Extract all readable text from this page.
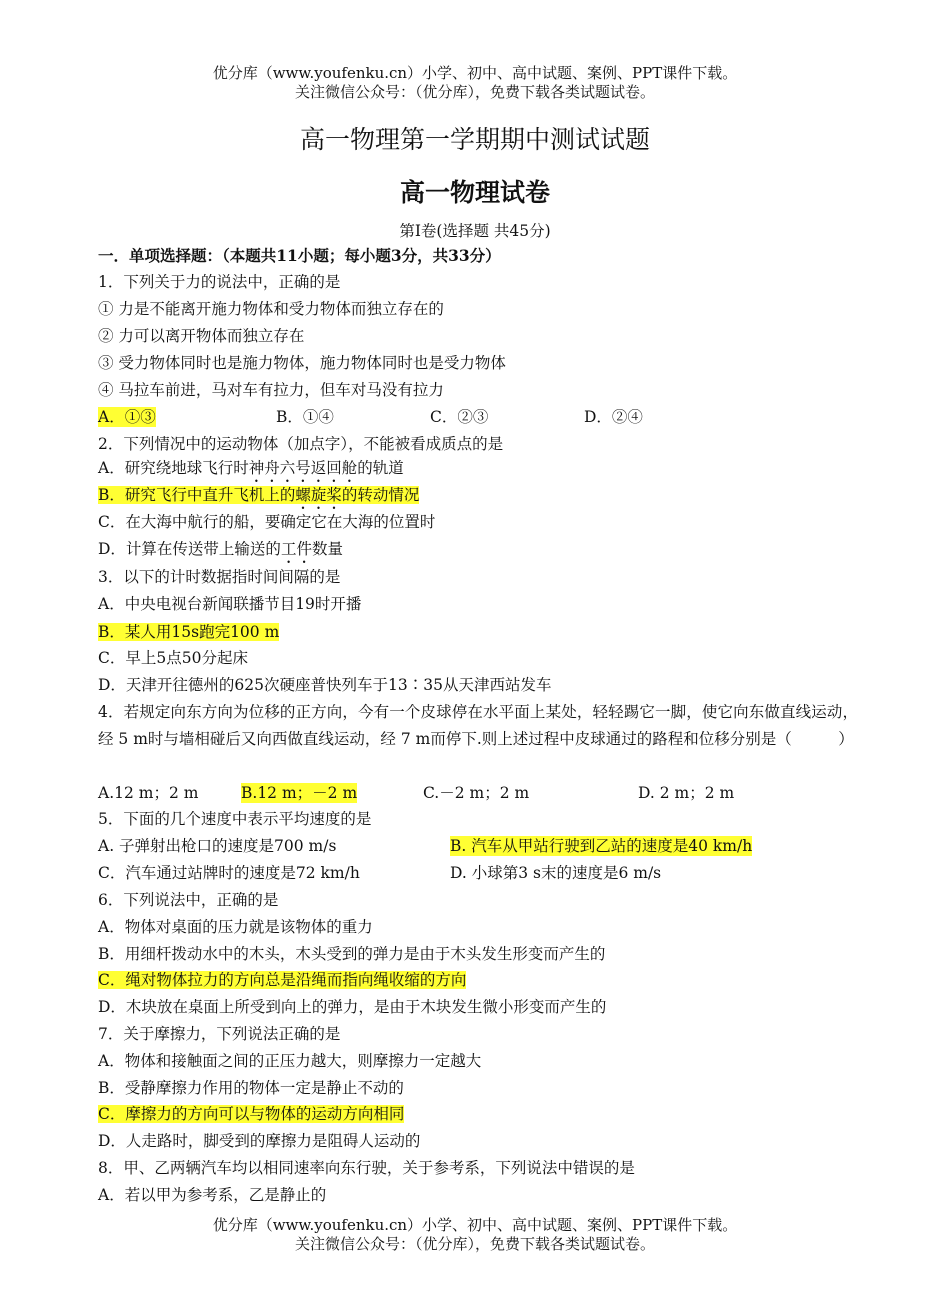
优分库（www.youfenku.cn）小学、初中、高中试题、案例、PPT课件下载。
关注微信公众号：（优分库），免费下载各类试题试卷。
高一物理第一学期期中测试试题
高一物理试卷
第Ⅰ卷(选择题 共45分)
一．单项选择题：（本题共11小题；每小题3分，共33分）
1．下列关于力的说法中，正确的是
① 力是不能离开施力物体和受力物体而独立存在的
② 力可以离开物体而独立存在
③ 受力物体同时也是施力物体，施力物体同时也是受力物体
④ 马拉车前进，马对车有拉力，但车对马没有拉力
A．①③	B．①④	C．②③	D．②④
2．下列情况中的运动物体（加点字），不能被看成质点的是
A．研究绕地球飞行时神舟六号返回舱的轨道
B．研究飞行中直升飞机上的螺旋桨的转动情况
C．在大海中航行的船，要确定它在大海的位置时
D．计算在传送带上输送的工件数量
3．以下的计时数据指时间间隔的是
A．中央电视台新闻联播节目19时开播
B．某人用15s跑完100 m
C．早上5点50分起床
D．天津开往德州的625次硬座普快列车于13∶35从天津西站发车
4．若规定向东方向为位移的正方向，今有一个皮球停在水平面上某处，轻轻踢它一脚，使它向东做直线运动，经 5 m时与墙相碰后又向西做直线运动，经 7 m而停下.则上述过程中皮球通过的路程和位移分别是（　　　）
A.12 m；2 m	B.12 m；－2 m	C.－2 m；2 m	D. 2 m；2 m
5．下面的几个速度中表示平均速度的是
A. 子弹射出枪口的速度是700 m/s	B. 汽车从甲站行驶到乙站的速度是40 km/h
C．汽车通过站牌时的速度是72 km/h	D. 小球第3 s末的速度是6 m/s
6．下列说法中，正确的是
A．物体对桌面的压力就是该物体的重力
B．用细杆拨动水中的木头，木头受到的弹力是由于木头发生形变而产生的
C．绳对物体拉力的方向总是沿绳而指向绳收缩的方向
D．木块放在桌面上所受到向上的弹力，是由于木块发生微小形变而产生的
7．关于摩擦力，下列说法正确的是
A．物体和接触面之间的正压力越大，则摩擦力一定越大
B．受静摩擦力作用的物体一定是静止不动的
C．摩擦力的方向可以与物体的运动方向相同
D．人走路时，脚受到的摩擦力是阻碍人运动的
8．甲、乙两辆汽车均以相同速率向东行驶，关于参考系，下列说法中错误的是
A．若以甲为参考系，乙是静止的
优分库（www.youfenku.cn）小学、初中、高中试题、案例、PPT课件下载。
关注微信公众号：（优分库），免费下载各类试题试卷。
